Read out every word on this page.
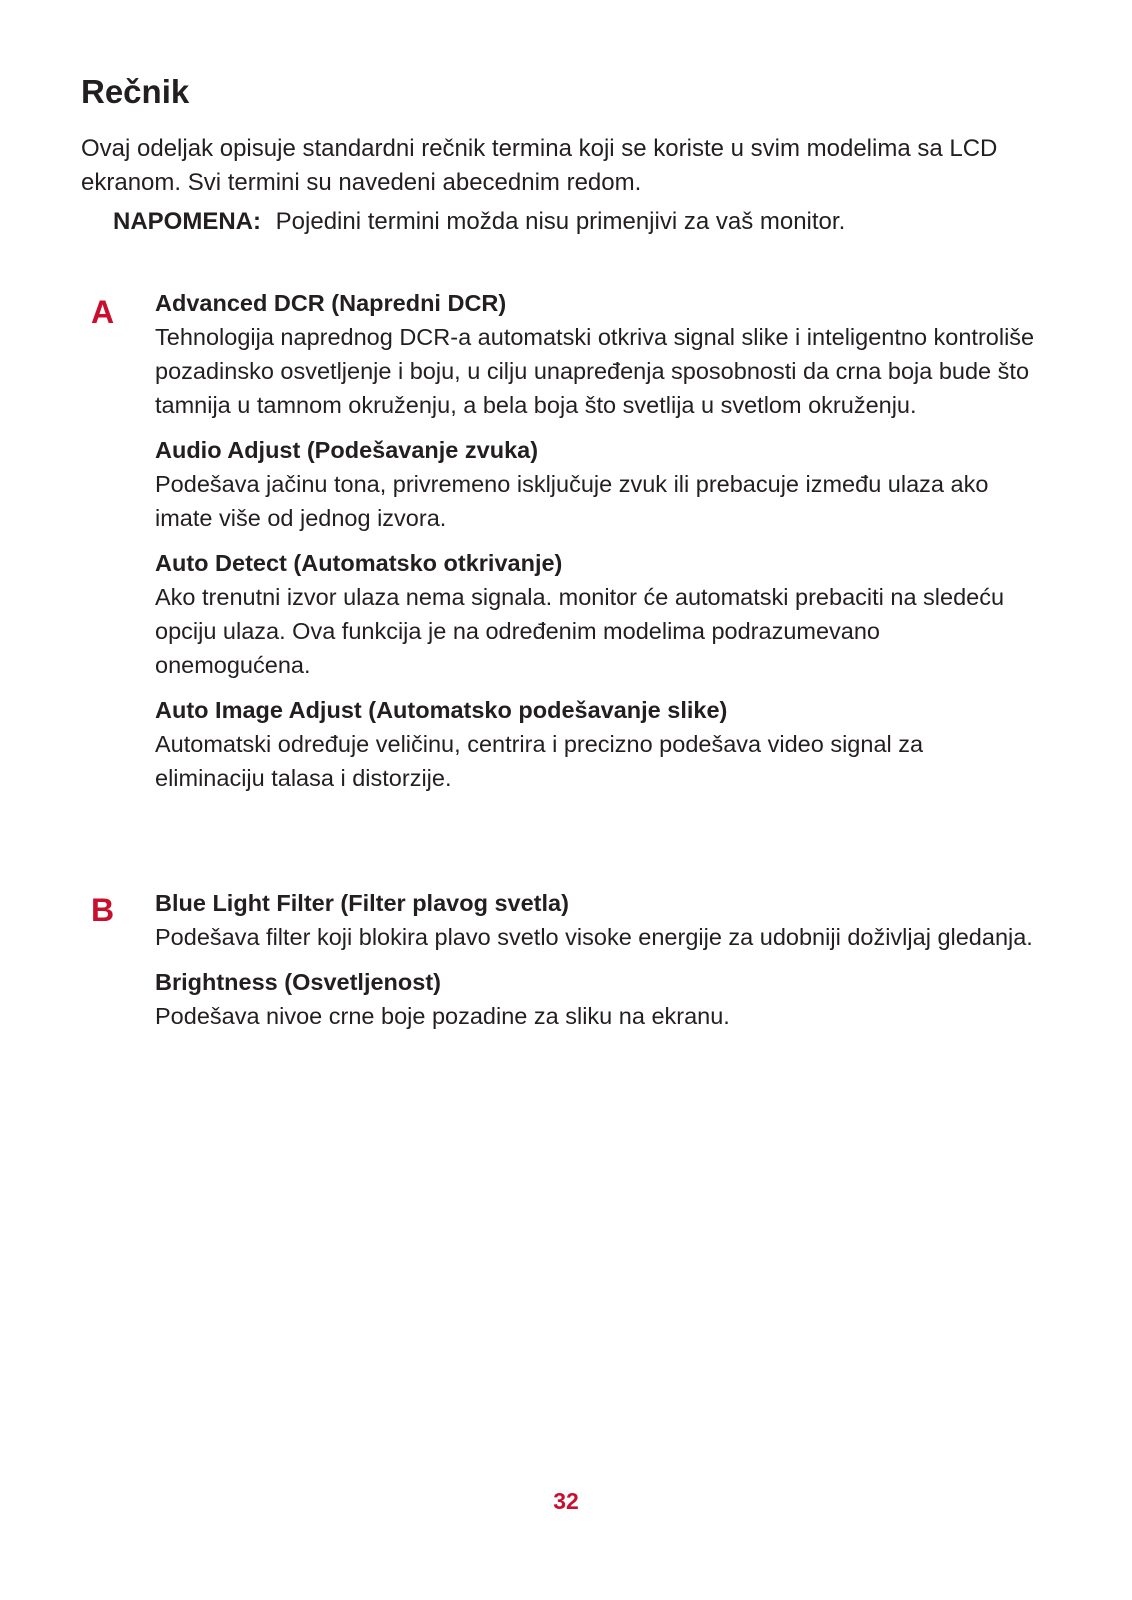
Rečnik

Ovaj odeljak opisuje standardni rečnik termina koji se koriste u svim modelima sa LCD ekranom. Svi termini su navedeni abecednim redom.

NAPOMENA: Pojedini termini možda nisu primenjivi za vaš monitor.

A Advanced DCR (Napredni DCR)

Tehnologija naprednog DCR-a automatski otkriva signal slike i inteligentno kontroliše pozadinsko osvetljenje i boju, u cilju unapređenja sposobnosti da crna boja bude što tamnija u tamnom okruženju, a bela boja što svetlija u svetlom okruženju.

Audio Adjust (Podešavanje zvuka)

Podešava jačinu tona, privremeno isključuje zvuk ili prebacuje između ulaza ako imate više od jednog izvora.

Auto Detect (Automatsko otkrivanje)

Ako trenutni izvor ulaza nema signala. monitor će automatski prebaciti na sledeću opciju ulaza. Ova funkcija je na određenim modelima podrazumevano onemogućena.

Auto Image Adjust (Automatsko podešavanje slike)

Automatski određuje veličinu, centrira i precizno podešava video signal za eliminaciju talasa i distorzije.

B Blue Light Filter (Filter plavog svetla)

Podešava filter koji blokira plavo svetlo visoke energije za udobniji doživljaj gledanja.

Brightness (Osvetljenost)

Podešava nivoe crne boje pozadine za sliku na ekranu.

32
